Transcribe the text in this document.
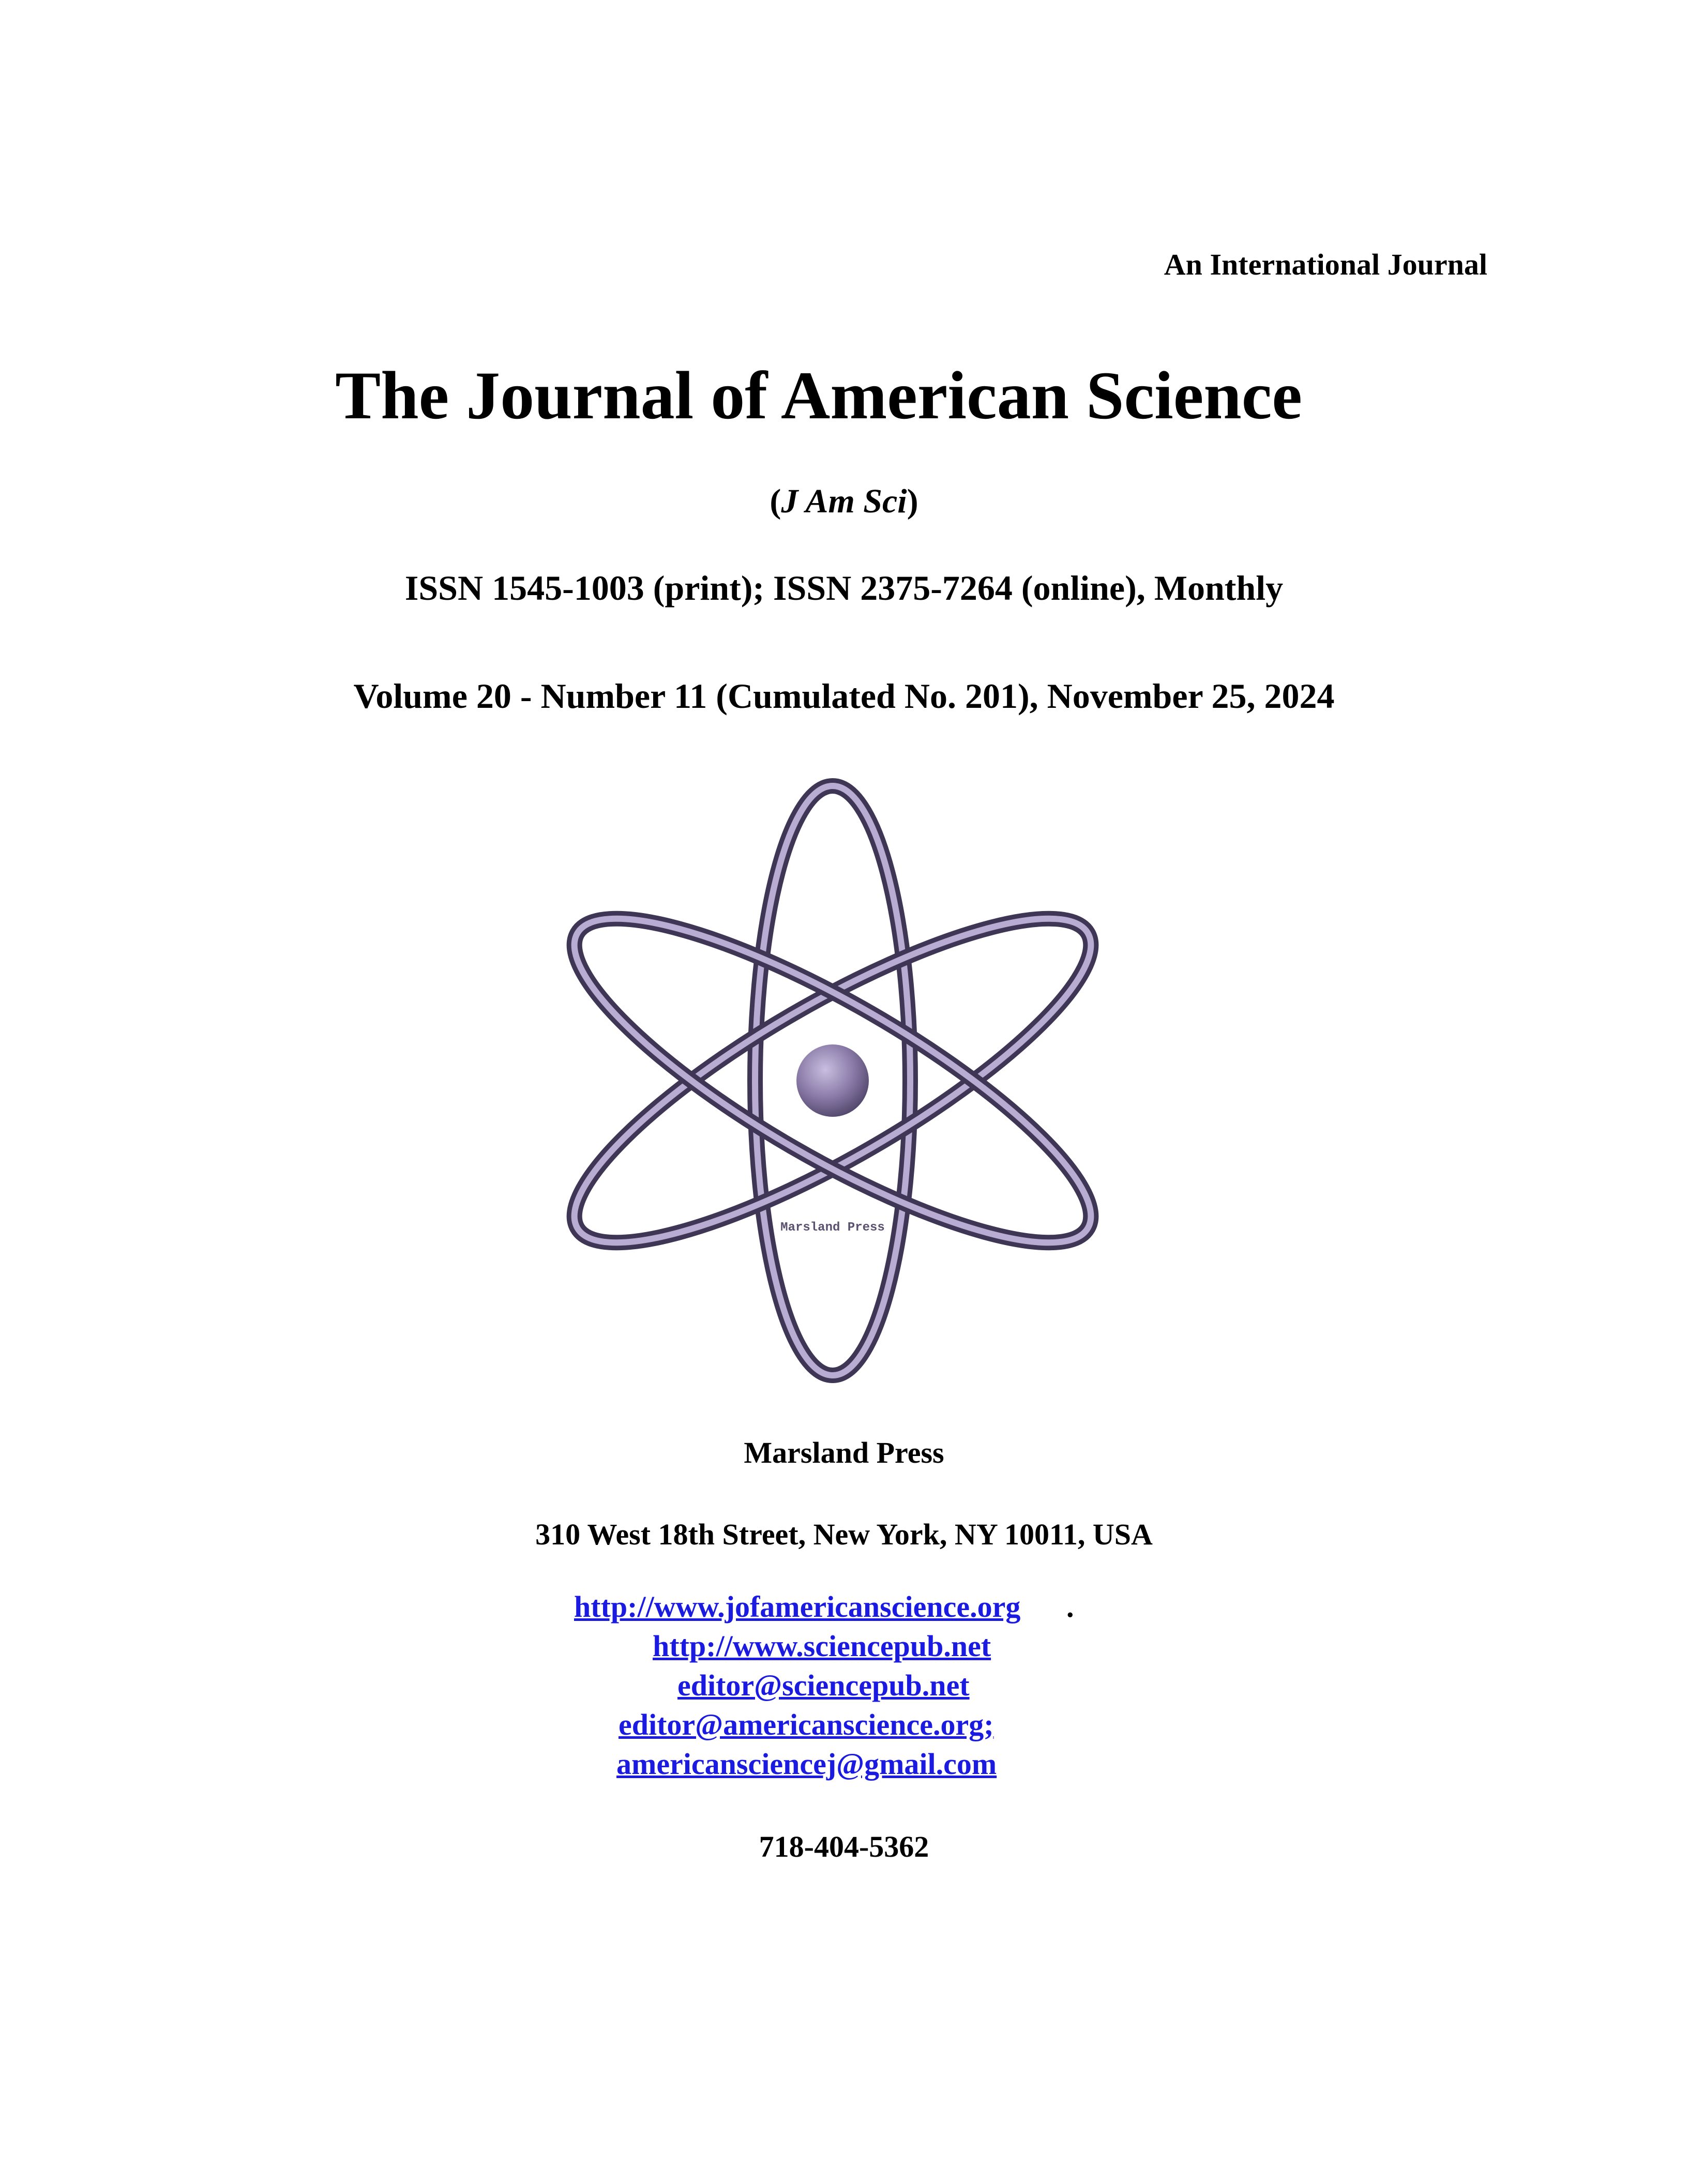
An International Journal
The Journal of American Science
(J Am Sci)
ISSN 1545-1003 (print); ISSN 2375-7264 (online), Monthly
Volume 20 - Number 11 (Cumulated No. 201), November 25, 2024
Marsland Press
Marsland Press
310 West 18th Street, New York, NY 10011, USA
http://www.jofamericanscience.org .
http://www.sciencepub.net
editor@sciencepub.net
editor@americanscience.org;
americansciencej@gmail.com
718-404-5362
